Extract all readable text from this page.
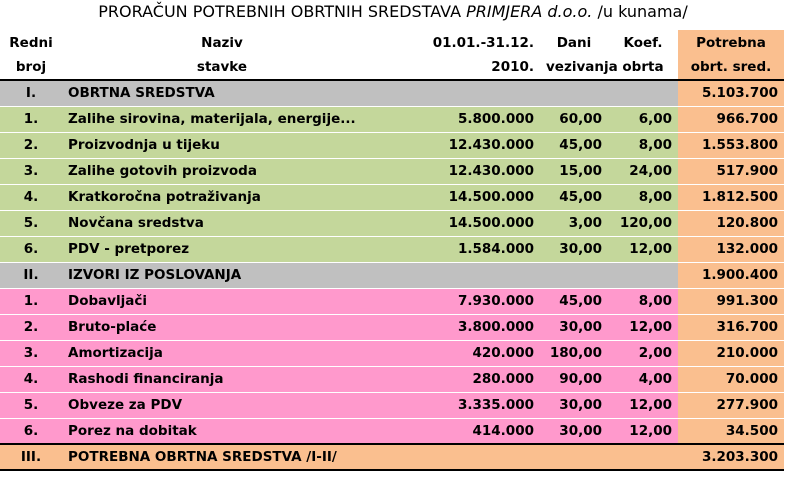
PRORAČUN POTREBNIH OBRTNIH SREDSTAVA PRIMJERA d.o.o. /u kunama/
Redni	Naziv	01.01.-31.12.	Dani	Koef.	Potrebna
broj	stavke	2010.	vezivanja	obrta	obrt. sred.
I.	OBRTNA SREDSTVA				5.103.700
1.	Zalihe sirovina, materijala, energije...	5.800.000	60,00	6,00	966.700
2.	Proizvodnja u tijeku	12.430.000	45,00	8,00	1.553.800
3.	Zalihe gotovih proizvoda	12.430.000	15,00	24,00	517.900
4.	Kratkoročna potraživanja	14.500.000	45,00	8,00	1.812.500
5.	Novčana sredstva	14.500.000	3,00	120,00	120.800
6.	PDV - pretporez	1.584.000	30,00	12,00	132.000
II.	IZVORI IZ POSLOVANJA				1.900.400
1.	Dobavljači	7.930.000	45,00	8,00	991.300
2.	Bruto-plaće	3.800.000	30,00	12,00	316.700
3.	Amortizacija	420.000	180,00	2,00	210.000
4.	Rashodi financiranja	280.000	90,00	4,00	70.000
5.	Obveze za PDV	3.335.000	30,00	12,00	277.900
6.	Porez na dobitak	414.000	30,00	12,00	34.500
III.	POTREBNA OBRTNA SREDSTVA /I-II/				3.203.300
